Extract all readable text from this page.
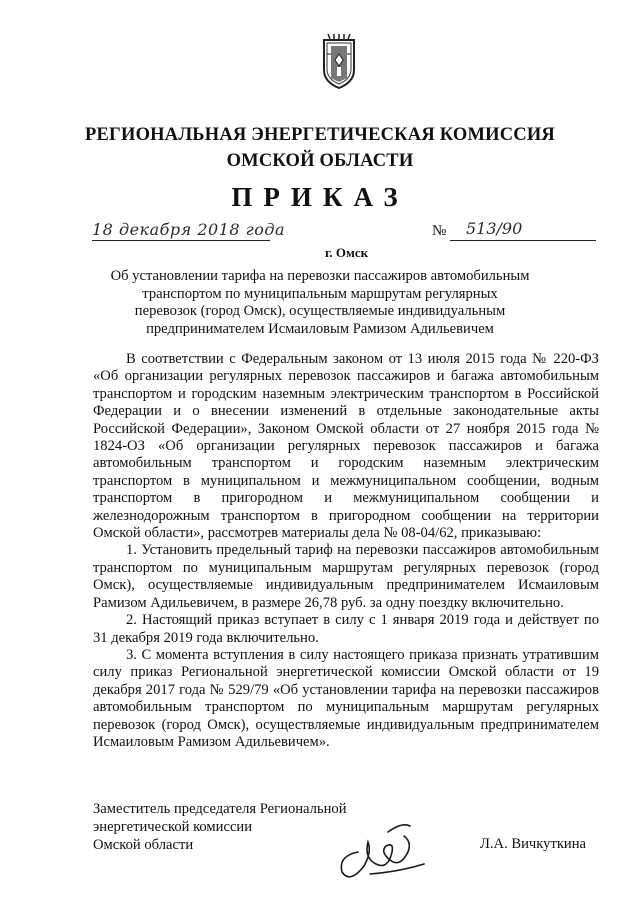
РЕГИОНАЛЬНАЯ ЭНЕРГЕТИЧЕСКАЯ КОМИССИЯ
ОМСКОЙ ОБЛАСТИ
ПРИКАЗ
18 декабря 2018 года	№ 513/90
г. Омск
Об установлении тарифа на перевозки пассажиров автомобильным транспортом по муниципальным маршрутам регулярных перевозок (город Омск), осуществляемые индивидуальным предпринимателем Исмаиловым Рамизом Адильевичем

В соответствии с Федеральным законом от 13 июля 2015 года № 220-ФЗ «Об организации регулярных перевозок пассажиров и багажа автомобильным транспортом и городским наземным электрическим транспортом в Российской Федерации и о внесении изменений в отдельные законодательные акты Российской Федерации», Законом Омской области от 27 ноября 2015 года № 1824-ОЗ «Об организации регулярных перевозок пассажиров и багажа автомобильным транспортом и городским наземным электрическим транспортом в муниципальном и межмуниципальном сообщении, водным транспортом в пригородном и межмуниципальном сообщении и железнодорожным транспортом в пригородном сообщении на территории Омской области», рассмотрев материалы дела № 08-04/62, приказываю:

1. Установить предельный тариф на перевозки пассажиров автомобильным транспортом по муниципальным маршрутам регулярных перевозок (город Омск), осуществляемые индивидуальным предпринимателем Исмаиловым Рамизом Адильевичем, в размере 26,78 руб. за одну поездку включительно.

2. Настоящий приказ вступает в силу с 1 января 2019 года и действует по 31 декабря 2019 года включительно.

3. С момента вступления в силу настоящего приказа признать утратившим силу приказ Региональной энергетической комиссии Омской области от 19 декабря 2017 года № 529/79 «Об установлении тарифа на перевозки пассажиров автомобильным транспортом по муниципальным маршрутам регулярных перевозок (город Омск), осуществляемые индивидуальным предпринимателем Исмаиловым Рамизом Адильевичем».

Заместитель председателя Региональной
энергетической комиссии
Омской области	Л.А. Вичкуткина
